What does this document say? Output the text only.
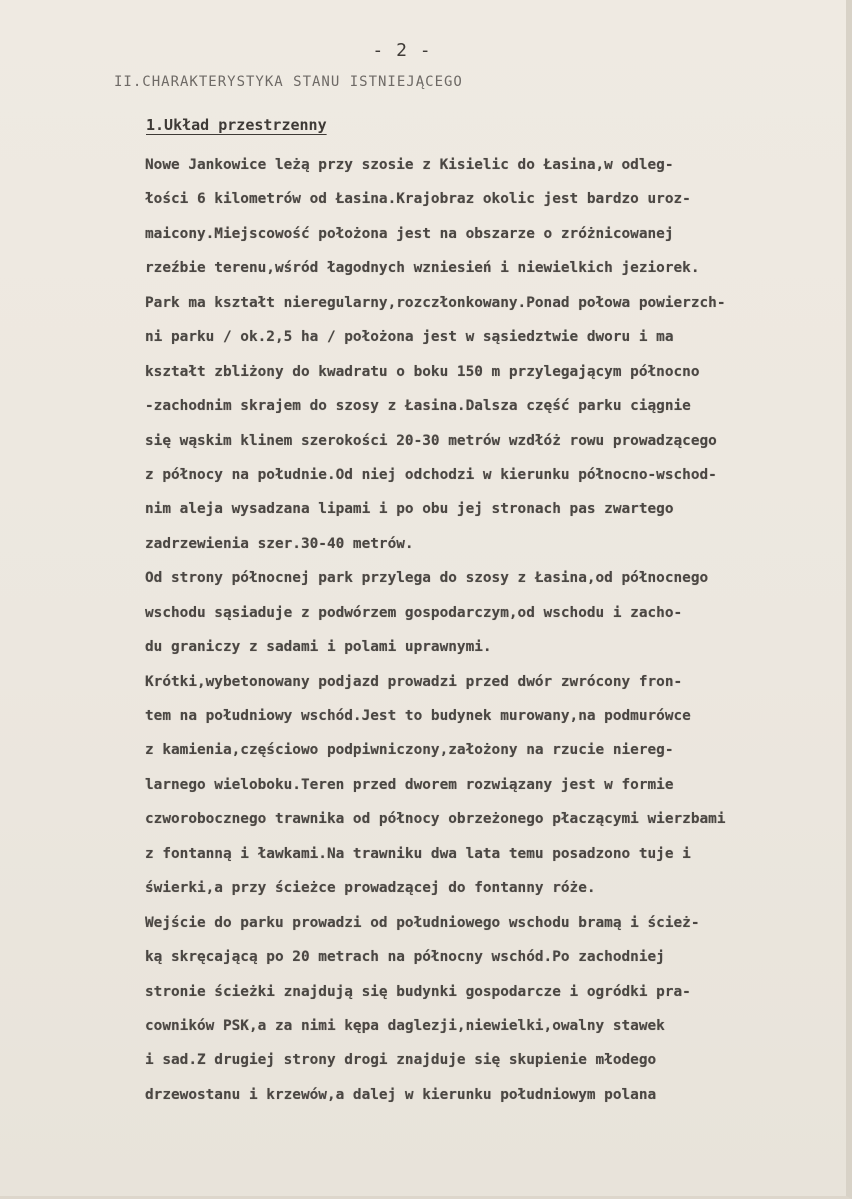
- 2 -
II.CHARAKTERYSTYKA STANU ISTNIEJĄCEGO
1.Układ przestrzenny
Nowe Jankowice leżą przy szosie z Kisielic do Łasina,w odleg-
łości 6 kilometrów od Łasina.Krajobraz okolic jest bardzo uroz-
maicony.Miejscowość położona jest na obszarze o zróżnicowanej
rzeźbie terenu,wśród łagodnych wzniesień i niewielkich jeziorek.
Park ma kształt nieregularny,rozczłonkowany.Ponad połowa powierzch-
ni parku / ok.2,5 ha / położona jest w sąsiedztwie dworu i ma
kształt zbliżony do kwadratu o boku 150 m przylegającym północno
-zachodnim skrajem do szosy z Łasina.Dalsza część parku ciągnie
się wąskim klinem szerokości 20-30 metrów wzdłóż rowu prowadzącego
z północy na południe.Od niej odchodzi w kierunku północno-wschod-
nim aleja wysadzana lipami i po obu jej stronach pas zwartego
zadrzewienia szer.30-40 metrów.
Od strony północnej park przylega do szosy z Łasina,od północnego
wschodu sąsiaduje z podwórzem gospodarczym,od wschodu i zacho-
du graniczy z sadami i polami uprawnymi.
Krótki,wybetonowany podjazd prowadzi przed dwór zwrócony fron-
tem na południowy wschód.Jest to budynek murowany,na podmurówce
z kamienia,częściowo podpiwniczony,założony na rzucie niereg-
larnego wieloboku.Teren przed dworem rozwiązany jest w formie
czworobocznego trawnika od północy obrzeżonego płaczącymi wierzbami
z fontanną i ławkami.Na trawniku dwa lata temu posadzono tuje i
świerki,a przy ścieżce prowadzącej do fontanny róże.
Wejście do parku prowadzi od południowego wschodu bramą i ścież-
ką skręcającą po 20 metrach na północny wschód.Po zachodniej
stronie ścieżki znajdują się budynki gospodarcze i ogródki pra-
cowników PSK,a za nimi kępa daglezji,niewielki,owalny stawek
i sad.Z drugiej strony drogi znajduje się skupienie młodego
drzewostanu i krzewów,a dalej w kierunku południowym polana
